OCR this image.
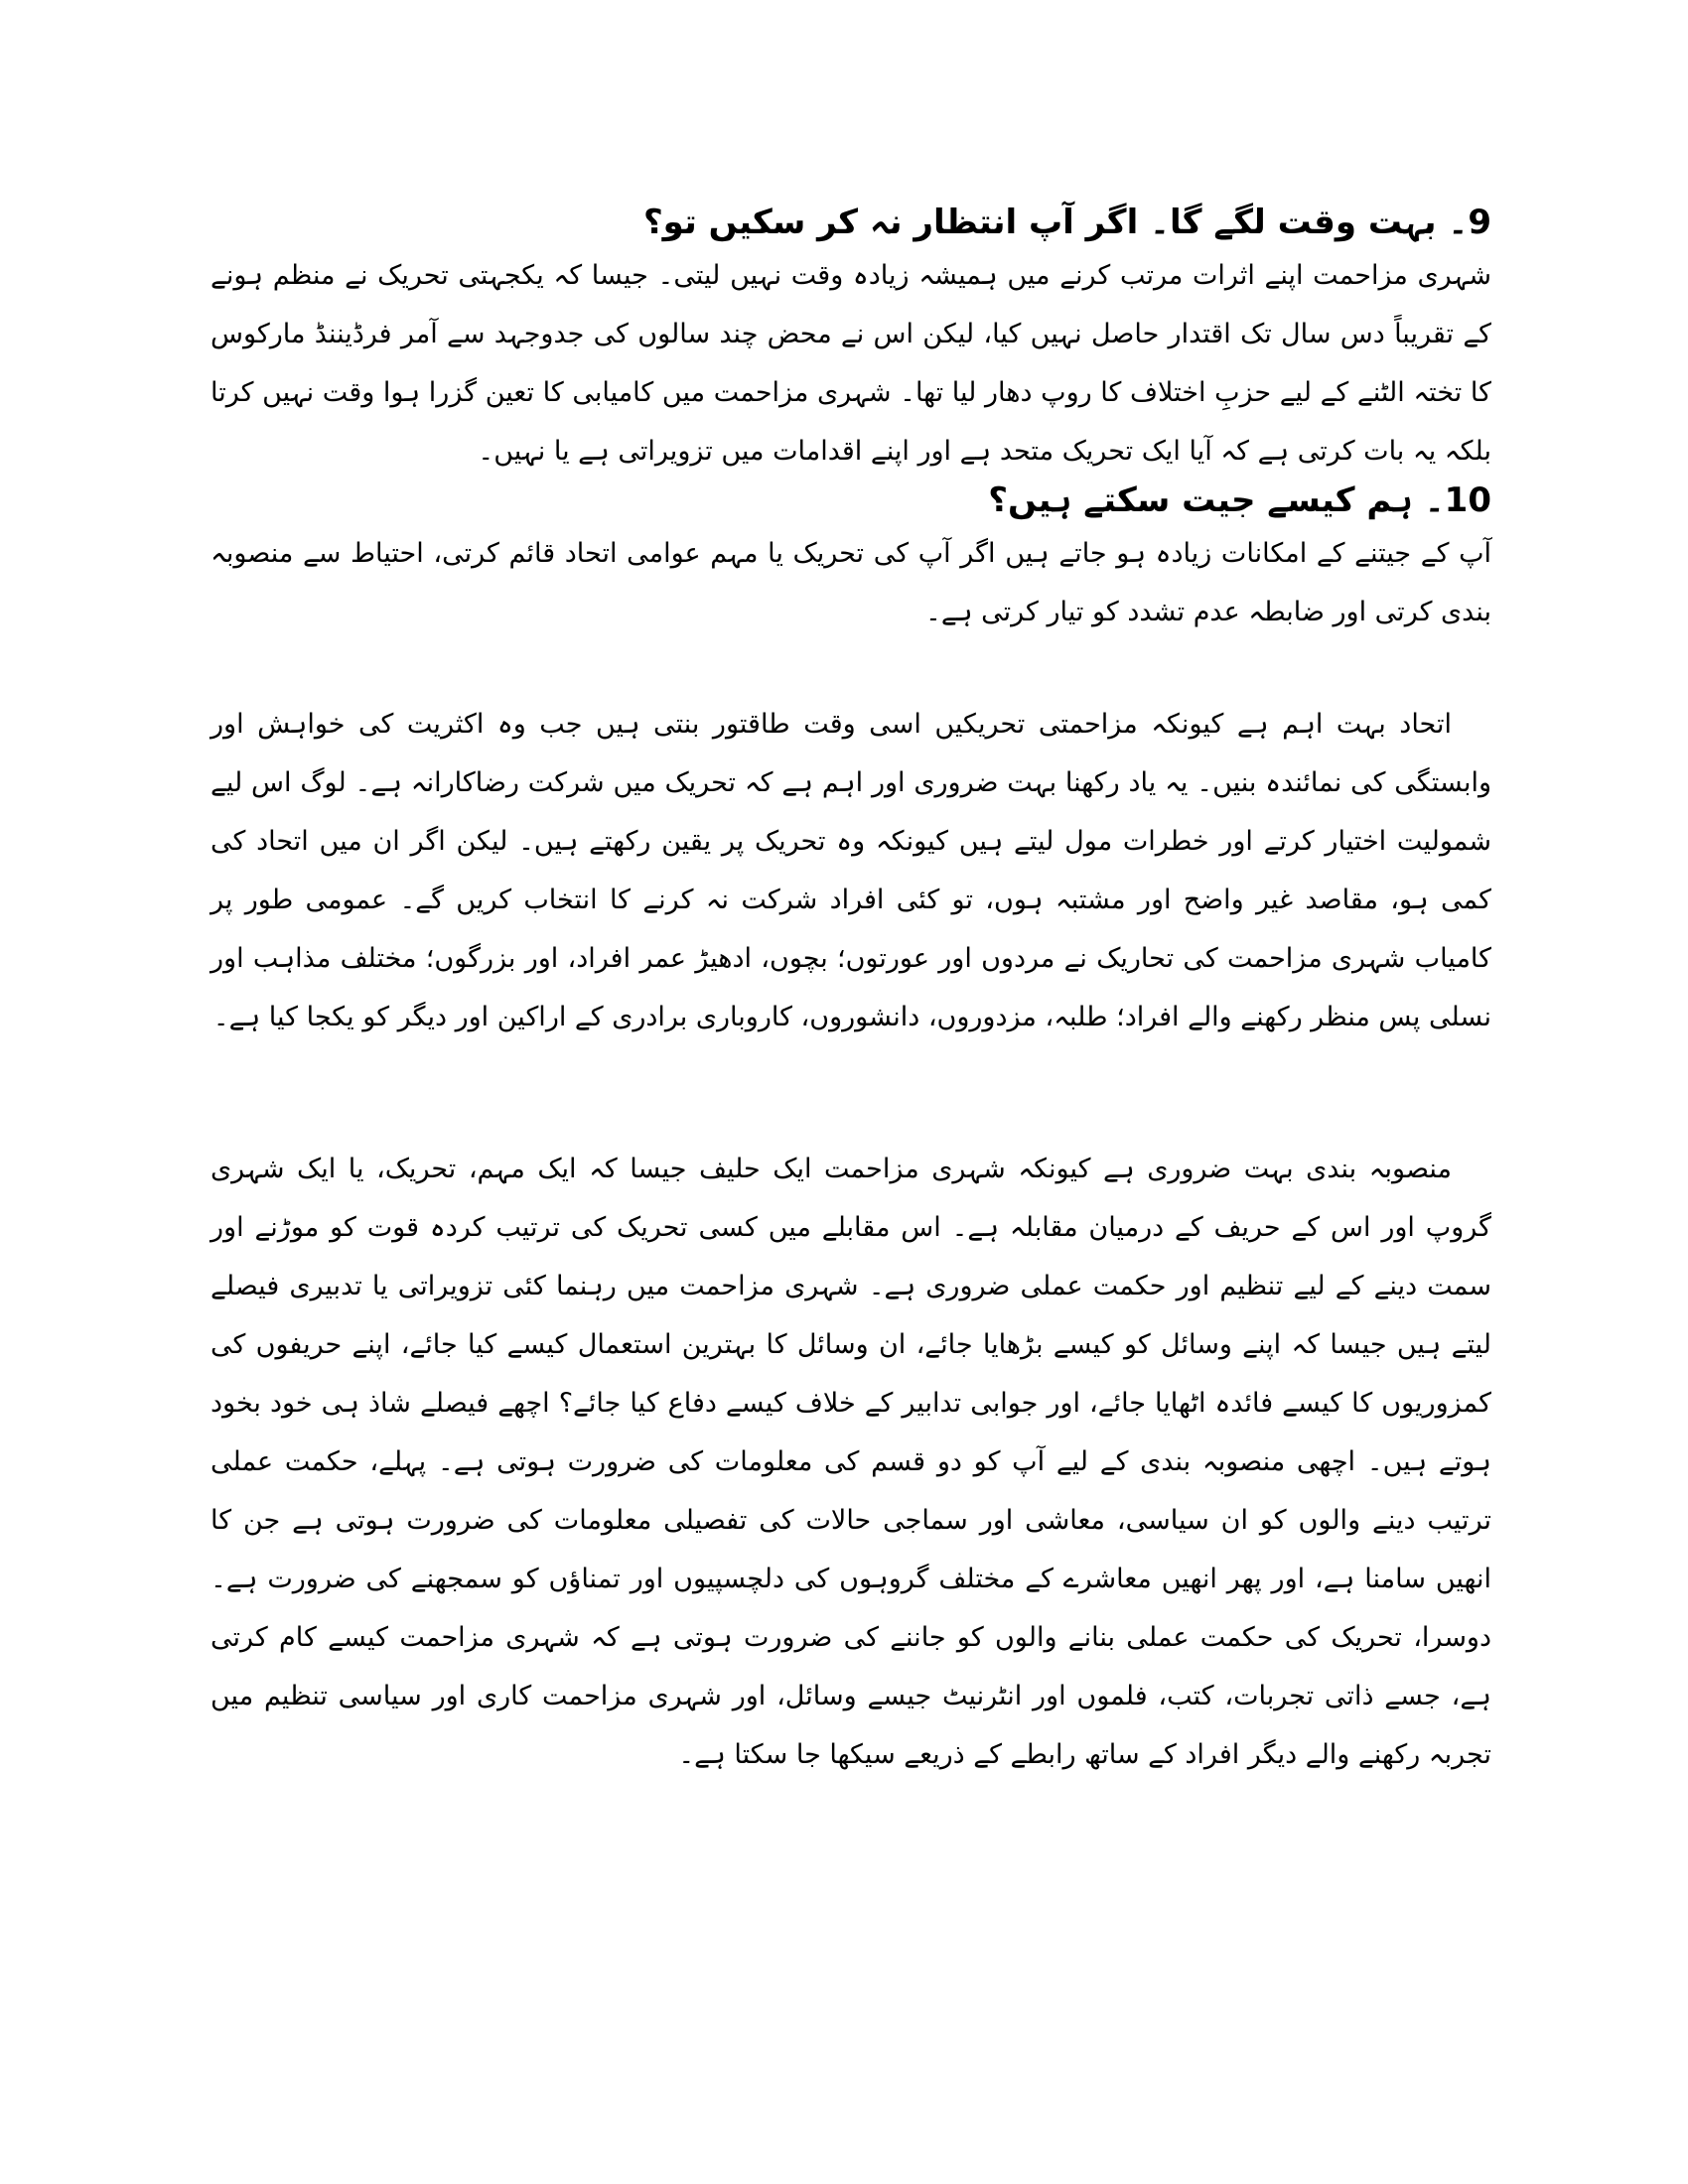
9۔ بہت وقت لگے گا۔ اگر آپ انتظار نہ کر سکیں تو؟

شہری مزاحمت اپنے اثرات مرتب کرنے میں ہمیشہ زیادہ وقت نہیں لیتی۔ جیسا کہ یکجہتی تحریک نے منظم ہونے کے تقریباً دس سال تک اقتدار حاصل نہیں کیا، لیکن اس نے محض چند سالوں کی جدوجہد سے آمر فرڈیننڈ مارکوس کا تختہ الٹنے کے لیے حزبِ اختلاف کا روپ دھار لیا تھا۔ شہری مزاحمت میں کامیابی کا تعین گزرا ہوا وقت نہیں کرتا بلکہ یہ بات کرتی ہے کہ آیا ایک تحریک متحد ہے اور اپنے اقدامات میں تزویراتی ہے یا نہیں۔

10۔ ہم کیسے جیت سکتے ہیں؟

آپ کے جیتنے کے امکانات زیادہ ہو جاتے ہیں اگر آپ کی تحریک یا مہم عوامی اتحاد قائم کرتی، احتیاط سے منصوبہ بندی کرتی اور ضابطہ عدم تشدد کو تیار کرتی ہے۔

اتحاد بہت اہم ہے کیونکہ مزاحمتی تحریکیں اسی وقت طاقتور بنتی ہیں جب وہ اکثریت کی خواہش اور وابستگی کی نمائندہ بنیں۔ یہ یاد رکھنا بہت ضروری اور اہم ہے کہ تحریک میں شرکت رضاکارانہ ہے۔ لوگ اس لیے شمولیت اختیار کرتے اور خطرات مول لیتے ہیں کیونکہ وہ تحریک پر یقین رکھتے ہیں۔ لیکن اگر ان میں اتحاد کی کمی ہو، مقاصد غیر واضح اور مشتبہ ہوں، تو کئی افراد شرکت نہ کرنے کا انتخاب کریں گے۔ عمومی طور پر کامیاب شہری مزاحمت کی تحاریک نے مردوں اور عورتوں؛ بچوں، ادھیڑ عمر افراد، اور بزرگوں؛ مختلف مذاہب اور نسلی پس منظر رکھنے والے افراد؛ طلبہ، مزدوروں، دانشوروں، کاروباری برادری کے اراکین اور دیگر کو یکجا کیا ہے۔

منصوبہ بندی بہت ضروری ہے کیونکہ شہری مزاحمت ایک حلیف جیسا کہ ایک مہم، تحریک، یا ایک شہری گروپ اور اس کے حریف کے درمیان مقابلہ ہے۔ اس مقابلے میں کسی تحریک کی ترتیب کردہ قوت کو موڑنے اور سمت دینے کے لیے تنظیم اور حکمت عملی ضروری ہے۔ شہری مزاحمت میں رہنما کئی تزویراتی یا تدبیری فیصلے لیتے ہیں جیسا کہ اپنے وسائل کو کیسے بڑھایا جائے، ان وسائل کا بہترین استعمال کیسے کیا جائے، اپنے حریفوں کی کمزوریوں کا کیسے فائدہ اٹھایا جائے، اور جوابی تدابیر کے خلاف کیسے دفاع کیا جائے؟ اچھے فیصلے شاذ ہی خود بخود ہوتے ہیں۔ اچھی منصوبہ بندی کے لیے آپ کو دو قسم کی معلومات کی ضرورت ہوتی ہے۔ پہلے، حکمت عملی ترتیب دینے والوں کو ان سیاسی، معاشی اور سماجی حالات کی تفصیلی معلومات کی ضرورت ہوتی ہے جن کا انھیں سامنا ہے، اور پھر انھیں معاشرے کے مختلف گروہوں کی دلچسپیوں اور تمناؤں کو سمجھنے کی ضرورت ہے۔ دوسرا، تحریک کی حکمت عملی بنانے والوں کو جاننے کی ضرورت ہوتی ہے کہ شہری مزاحمت کیسے کام کرتی ہے، جسے ذاتی تجربات، کتب، فلموں اور انٹرنیٹ جیسے وسائل، اور شہری مزاحمت کاری اور سیاسی تنظیم میں تجربہ رکھنے والے دیگر افراد کے ساتھ رابطے کے ذریعے سیکھا جا سکتا ہے۔
